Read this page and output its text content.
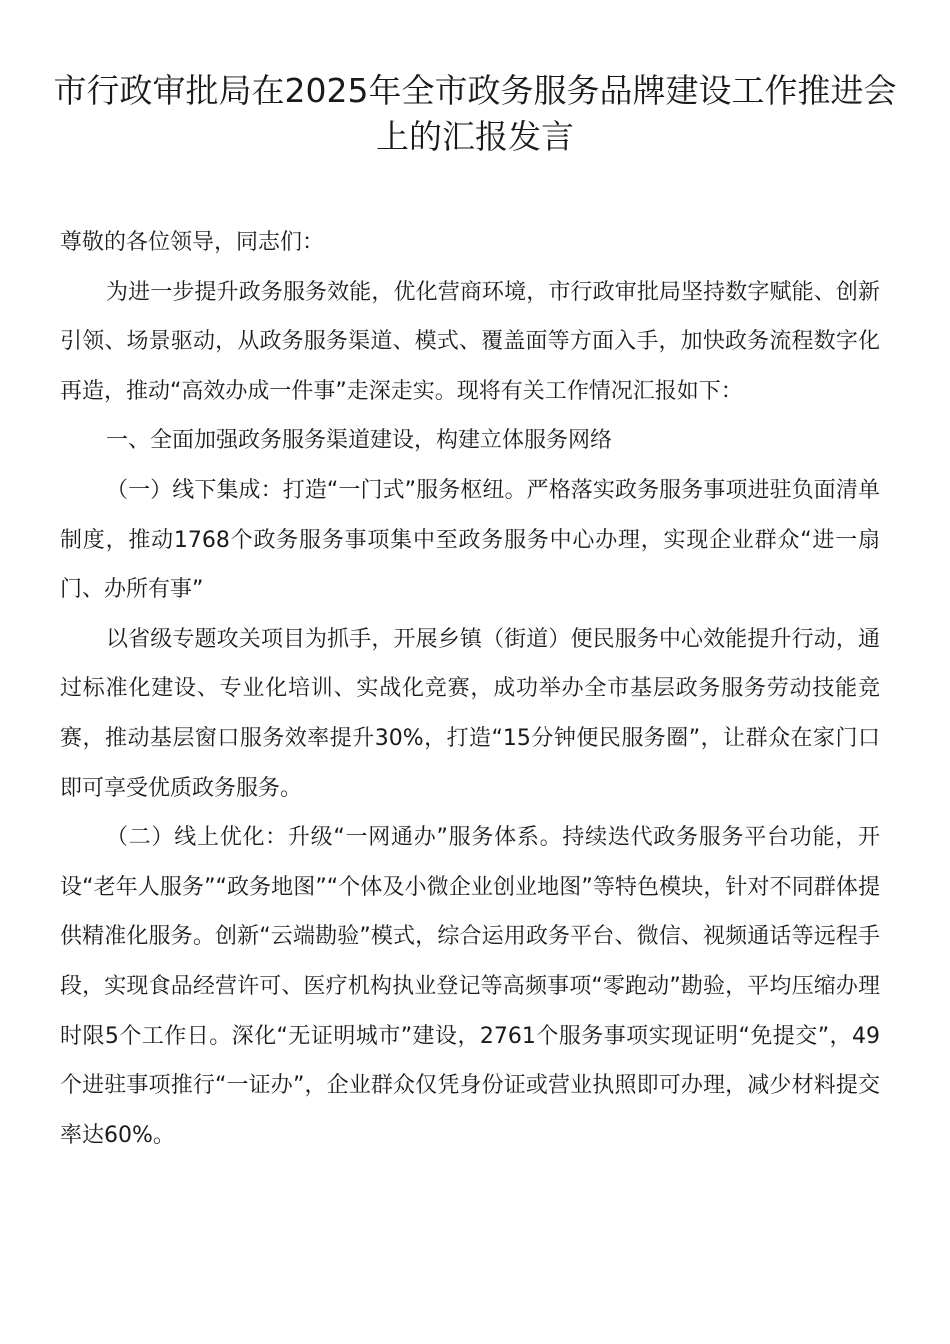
市行政审批局在2025年全市政务服务品牌建设工作推进会上的汇报发言

尊敬的各位领导，同志们：

为进一步提升政务服务效能，优化营商环境，市行政审批局坚持数字赋能、创新引领、场景驱动，从政务服务渠道、模式、覆盖面等方面入手，加快政务流程数字化再造，推动“高效办成一件事”走深走实。现将有关工作情况汇报如下：

一、全面加强政务服务渠道建设，构建立体服务网络

（一）线下集成：打造“一门式”服务枢纽。严格落实政务服务事项进驻负面清单制度，推动1768个政务服务事项集中至政务服务中心办理，实现企业群众“进一扇门、办所有事”

以省级专题攻关项目为抓手，开展乡镇（街道）便民服务中心效能提升行动，通过标准化建设、专业化培训、实战化竞赛，成功举办全市基层政务服务劳动技能竞赛，推动基层窗口服务效率提升30%，打造“15分钟便民服务圈”，让群众在家门口即可享受优质政务服务。

（二）线上优化：升级“一网通办”服务体系。持续迭代政务服务平台功能，开设“老年人服务”“政务地图”“个体及小微企业创业地图”等特色模块，针对不同群体提供精准化服务。创新“云端勘验”模式，综合运用政务平台、微信、视频通话等远程手段，实现食品经营许可、医疗机构执业登记等高频事项“零跑动”勘验，平均压缩办理时限5个工作日。深化“无证明城市”建设，2761个服务事项实现证明“免提交”，49个进驻事项推行“一证办”，企业群众仅凭身份证或营业执照即可办理，减少材料提交率达60%。
